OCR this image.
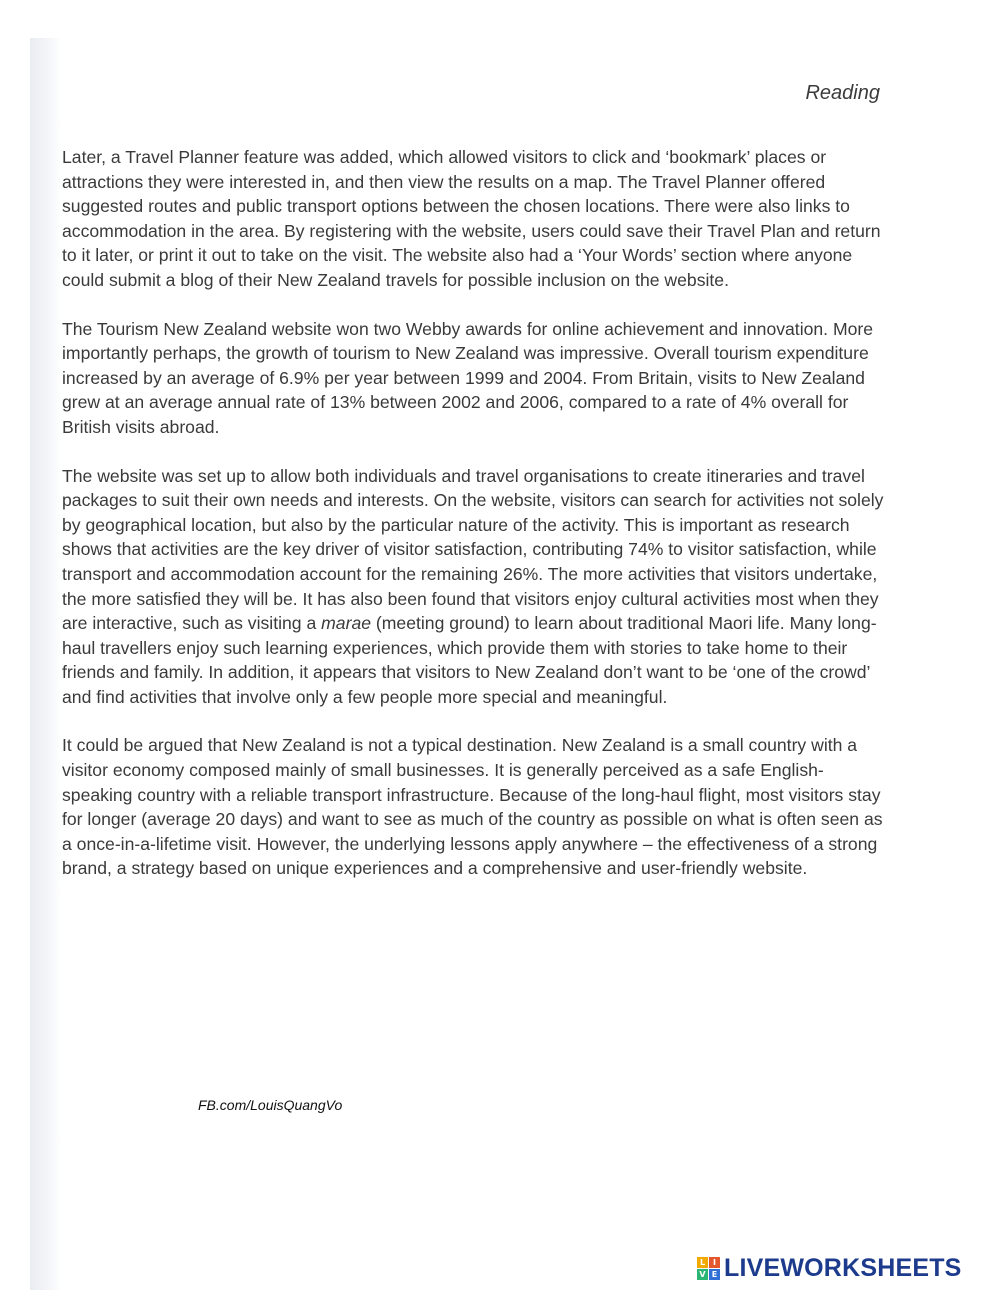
Reading

Later, a Travel Planner feature was added, which allowed visitors to click and ‘bookmark’ places or attractions they were interested in, and then view the results on a map. The Travel Planner offered suggested routes and public transport options between the chosen locations. There were also links to accommodation in the area. By registering with the website, users could save their Travel Plan and return to it later, or print it out to take on the visit. The website also had a ‘Your Words’ section where anyone could submit a blog of their New Zealand travels for possible inclusion on the website.

The Tourism New Zealand website won two Webby awards for online achievement and innovation. More importantly perhaps, the growth of tourism to New Zealand was impressive. Overall tourism expenditure increased by an average of 6.9% per year between 1999 and 2004. From Britain, visits to New Zealand grew at an average annual rate of 13% between 2002 and 2006, compared to a rate of 4% overall for British visits abroad.

The website was set up to allow both individuals and travel organisations to create itineraries and travel packages to suit their own needs and interests. On the website, visitors can search for activities not solely by geographical location, but also by the particular nature of the activity. This is important as research shows that activities are the key driver of visitor satisfaction, contributing 74% to visitor satisfaction, while transport and accommodation account for the remaining 26%. The more activities that visitors undertake, the more satisfied they will be. It has also been found that visitors enjoy cultural activities most when they are interactive, such as visiting a marae (meeting ground) to learn about traditional Maori life. Many long-haul travellers enjoy such learning experiences, which provide them with stories to take home to their friends and family. In addition, it appears that visitors to New Zealand don’t want to be ‘one of the crowd’ and find activities that involve only a few people more special and meaningful.

It could be argued that New Zealand is not a typical destination. New Zealand is a small country with a visitor economy composed mainly of small businesses. It is generally perceived as a safe English-speaking country with a reliable transport infrastructure. Because of the long-haul flight, most visitors stay for longer (average 20 days) and want to see as much of the country as possible on what is often seen as a once-in-a-lifetime visit. However, the underlying lessons apply anywhere – the effectiveness of a strong brand, a strategy based on unique experiences and a comprehensive and user-friendly website.

FB.com/LouisQuangVo
L I
V E LIVEWORKSHEETS
